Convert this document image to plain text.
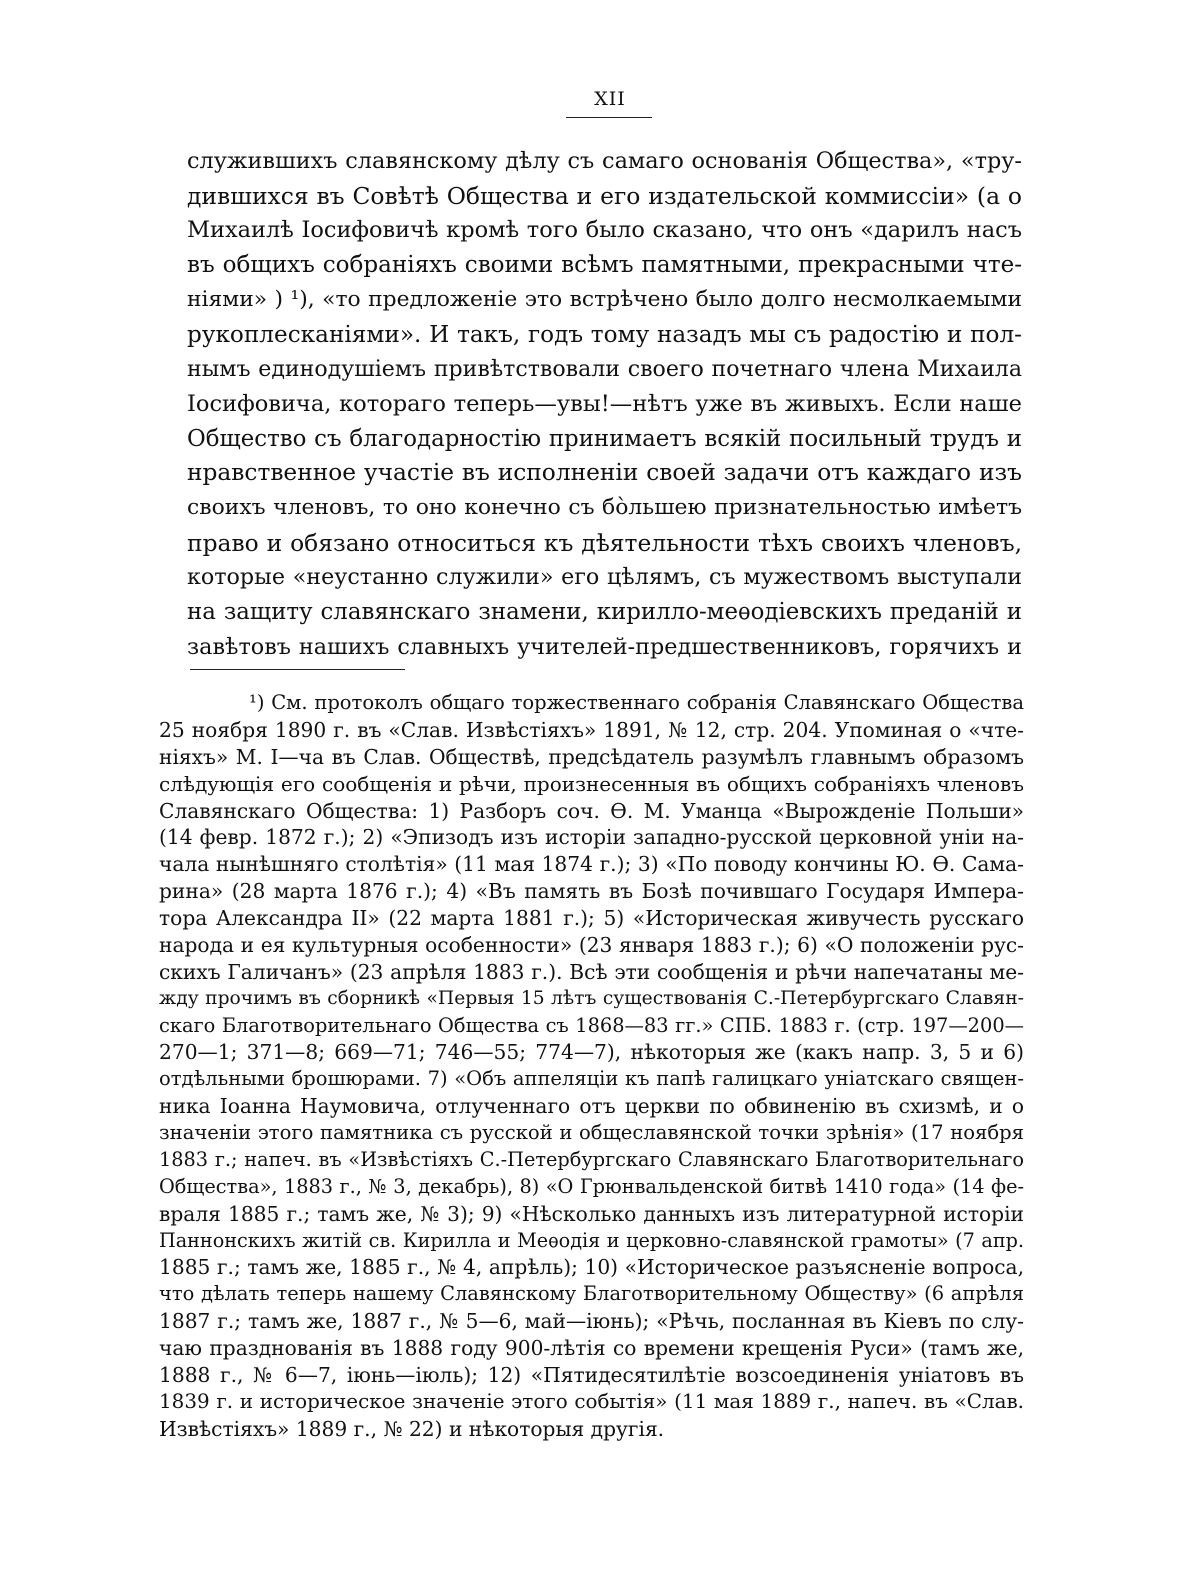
XII
служившихъ славянскому дѣлу съ самаго основанія Общества», «тру-
дившихся въ Совѣтѣ Общества и его издательской коммиссіи» (а о
Михаилѣ Іосифовичѣ кромѣ того было сказано, что онъ «дарилъ насъ
въ общихъ собраніяхъ своими всѣмъ памятными, прекрасными чте-
ніями» ) ¹), «то предложеніе это встрѣчено было долго несмолкаемыми
рукоплесканіями». И такъ, годъ тому назадъ мы съ радостію и пол-
нымъ единодушіемъ привѣтствовали своего почетнаго члена Михаила
Іосифовича, котораго теперь—увы!—нѣтъ уже въ живыхъ. Если наше
Общество съ благодарностію принимаетъ всякій посильный трудъ и
нравственное участіе въ исполненіи своей задачи отъ каждаго изъ
своихъ членовъ, то оно конечно съ бо̀льшею признательностью имѣетъ
право и обязано относиться къ дѣятельности тѣхъ своихъ членовъ,
которые «неустанно служили» его цѣлямъ, съ мужествомъ выступали
на защиту славянскаго знамени, кирилло-меѳодіевскихъ преданій и
завѣтовъ нашихъ славныхъ учителей-предшественниковъ, горячихъ и
¹) См. протоколъ общаго торжественнаго собранія Славянскаго Общества
25 ноября 1890 г. въ «Слав. Извѣстіяхъ» 1891, № 12, стр. 204. Упоминая о «чте-
ніяхъ» М. І—ча въ Слав. Обществѣ, предсѣдатель разумѣлъ главнымъ образомъ
слѣдующія его сообщенія и рѣчи, произнесенныя въ общихъ собраніяхъ членовъ
Славянскаго Общества: 1) Разборъ соч. Ѳ. М. Уманца «Вырожденіе Польши»
(14 февр. 1872 г.); 2) «Эпизодъ изъ исторіи западно-русской церковной уніи на-
чала нынѣшняго столѣтія» (11 мая 1874 г.); 3) «По поводу кончины Ю. Ѳ. Сама-
рина» (28 марта 1876 г.); 4) «Въ память въ Бозѣ почившаго Государя Импера-
тора Александра II» (22 марта 1881 г.); 5) «Историческая живучесть русскаго
народа и ея культурныя особенности» (23 января 1883 г.); 6) «О положеніи рус-
скихъ Галичанъ» (23 апрѣля 1883 г.). Всѣ эти сообщенія и рѣчи напечатаны ме-
жду прочимъ въ сборникѣ «Первыя 15 лѣтъ существованія С.-Петербургскаго Славян-
скаго Благотворительнаго Общества съ 1868—83 гг.» СПБ. 1883 г. (стр. 197—200—
270—1; 371—8; 669—71; 746—55; 774—7), нѣкоторыя же (какъ напр. 3, 5 и 6)
отдѣльными брошюрами. 7) «Объ аппеляціи къ папѣ галицкаго уніатскаго священ-
ника Іоанна Наумовича, отлученнаго отъ церкви по обвиненію въ схизмѣ, и о
значеніи этого памятника съ русской и общеславянской точки зрѣнія» (17 ноября
1883 г.; напеч. въ «Извѣстіяхъ С.-Петербургскаго Славянскаго Благотворительнаго
Общества», 1883 г., № 3, декабрь), 8) «О Грюнвальденской битвѣ 1410 года» (14 фе-
враля 1885 г.; тамъ же, № 3); 9) «Нѣсколько данныхъ изъ литературной исторіи
Паннонскихъ житій св. Кирилла и Меѳодія и церковно-славянской грамоты» (7 апр.
1885 г.; тамъ же, 1885 г., № 4, апрѣль); 10) «Историческое разъясненіе вопроса,
что дѣлать теперь нашему Славянскому Благотворительному Обществу» (6 апрѣля
1887 г.; тамъ же, 1887 г., № 5—6, май—іюнь); «Рѣчь, посланная въ Кіевъ по слу-
чаю празднованія въ 1888 году 900-лѣтія со времени крещенія Руси» (тамъ же,
1888 г., № 6—7, іюнь—іюль); 12) «Пятидесятилѣтіе возсоединенія уніатовъ въ
1839 г. и историческое значеніе этого событія» (11 мая 1889 г., напеч. въ «Слав.
Извѣстіяхъ» 1889 г., № 22) и нѣкоторыя другія.
